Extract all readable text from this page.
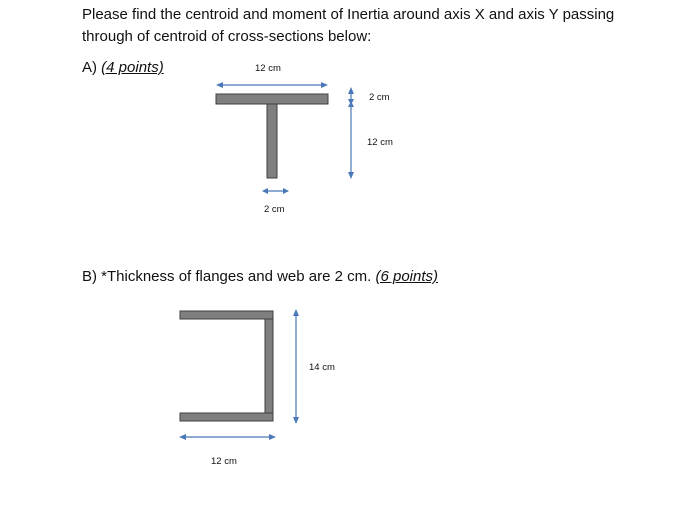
Please find the centroid and moment of Inertia around axis X and axis Y passing

through of centroid of cross-sections below:

A) (4 points)

B) *Thickness of flanges and web are 2 cm. (6 points)

12 cm
2 cm
12 cm
2 cm
14 cm
12 cm
